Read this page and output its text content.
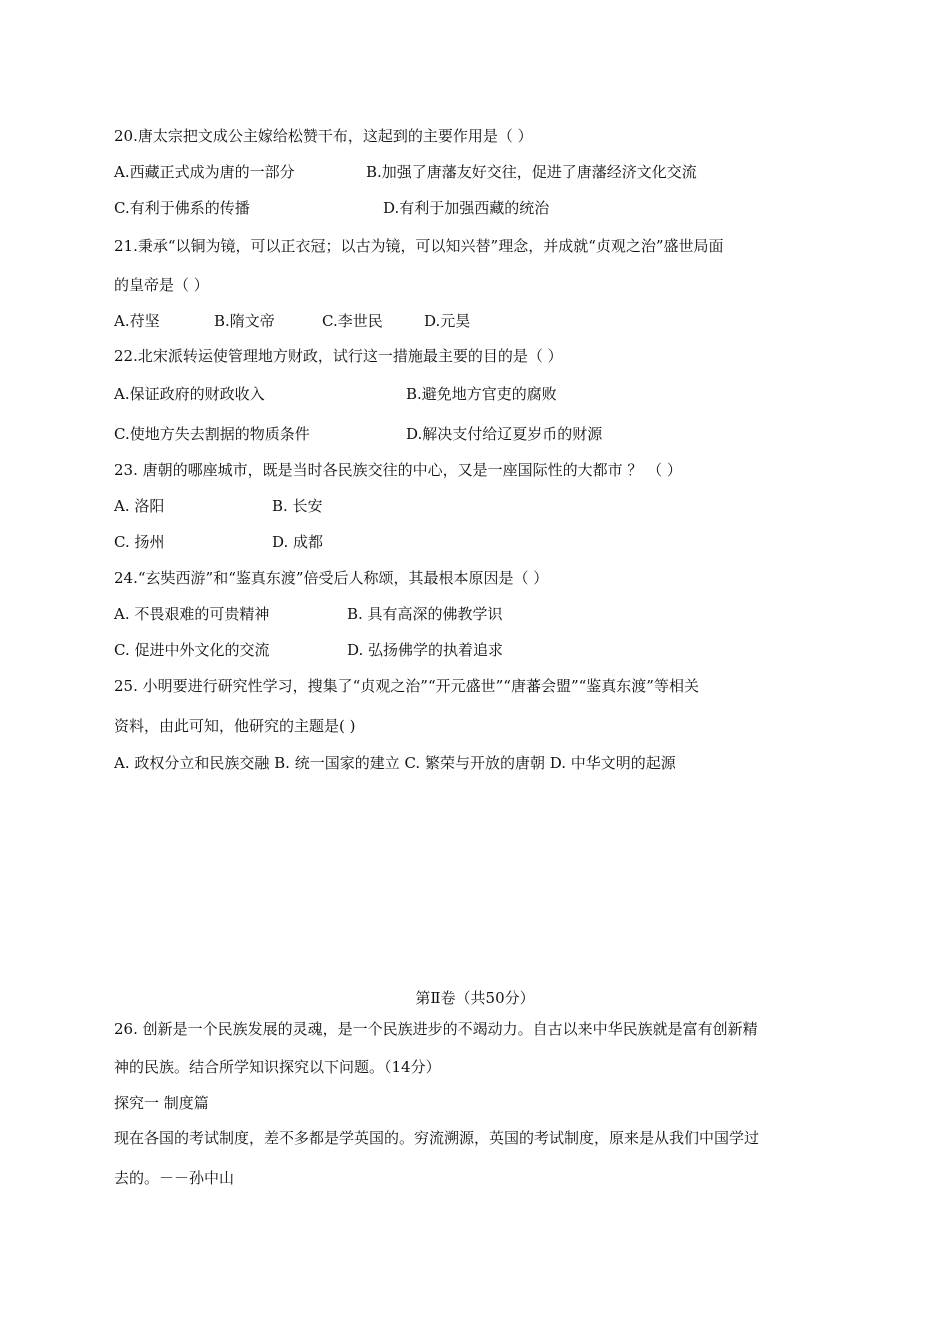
20.唐太宗把文成公主嫁给松赞干布，这起到的主要作用是（ ）
A.西藏正式成为唐的一部分	B.加强了唐藩友好交往，促进了唐藩经济文化交流
C.有利于佛系的传播	D.有利于加强西藏的统治
21.秉承“以铜为镜，可以正衣冠；以古为镜，可以知兴替”理念，并成就“贞观之治”盛世局面
的皇帝是（ ）
A.苻坚	B.隋文帝	C.李世民	D.元昊
22.北宋派转运使管理地方财政，试行这一措施最主要的目的是（ ）
A.保证政府的财政收入	B.避免地方官吏的腐败
C.使地方失去割据的物质条件	D.解决支付给辽夏岁币的财源
23. 唐朝的哪座城市，既是当时各民族交往的中心，又是一座国际性的大都市 ？ （ ）
A. 洛阳	B. 长安
C. 扬州	D. 成都
24.“玄奘西游”和“鉴真东渡”倍受后人称颂，其最根本原因是（ ）
A. 不畏艰难的可贵精神	B. 具有高深的佛教学识
C. 促进中外文化的交流	D. 弘扬佛学的执着追求
25. 小明要进行研究性学习，搜集了“贞观之治”“开元盛世”“唐蕃会盟”“鉴真东渡”等相关
资料，由此可知，他研究的主题是( )
A. 政权分立和民族交融 B. 统一国家的建立 C. 繁荣与开放的唐朝 D. 中华文明的起源
第Ⅱ卷（共50分）
26. 创新是一个民族发展的灵魂，是一个民族进步的不竭动力。自古以来中华民族就是富有创新精
神的民族。结合所学知识探究以下问题。（14分）
探究一 制度篇
现在各国的考试制度，差不多都是学英国的。穷流溯源，英国的考试制度，原来是从我们中国学过
去的。－－孙中山
